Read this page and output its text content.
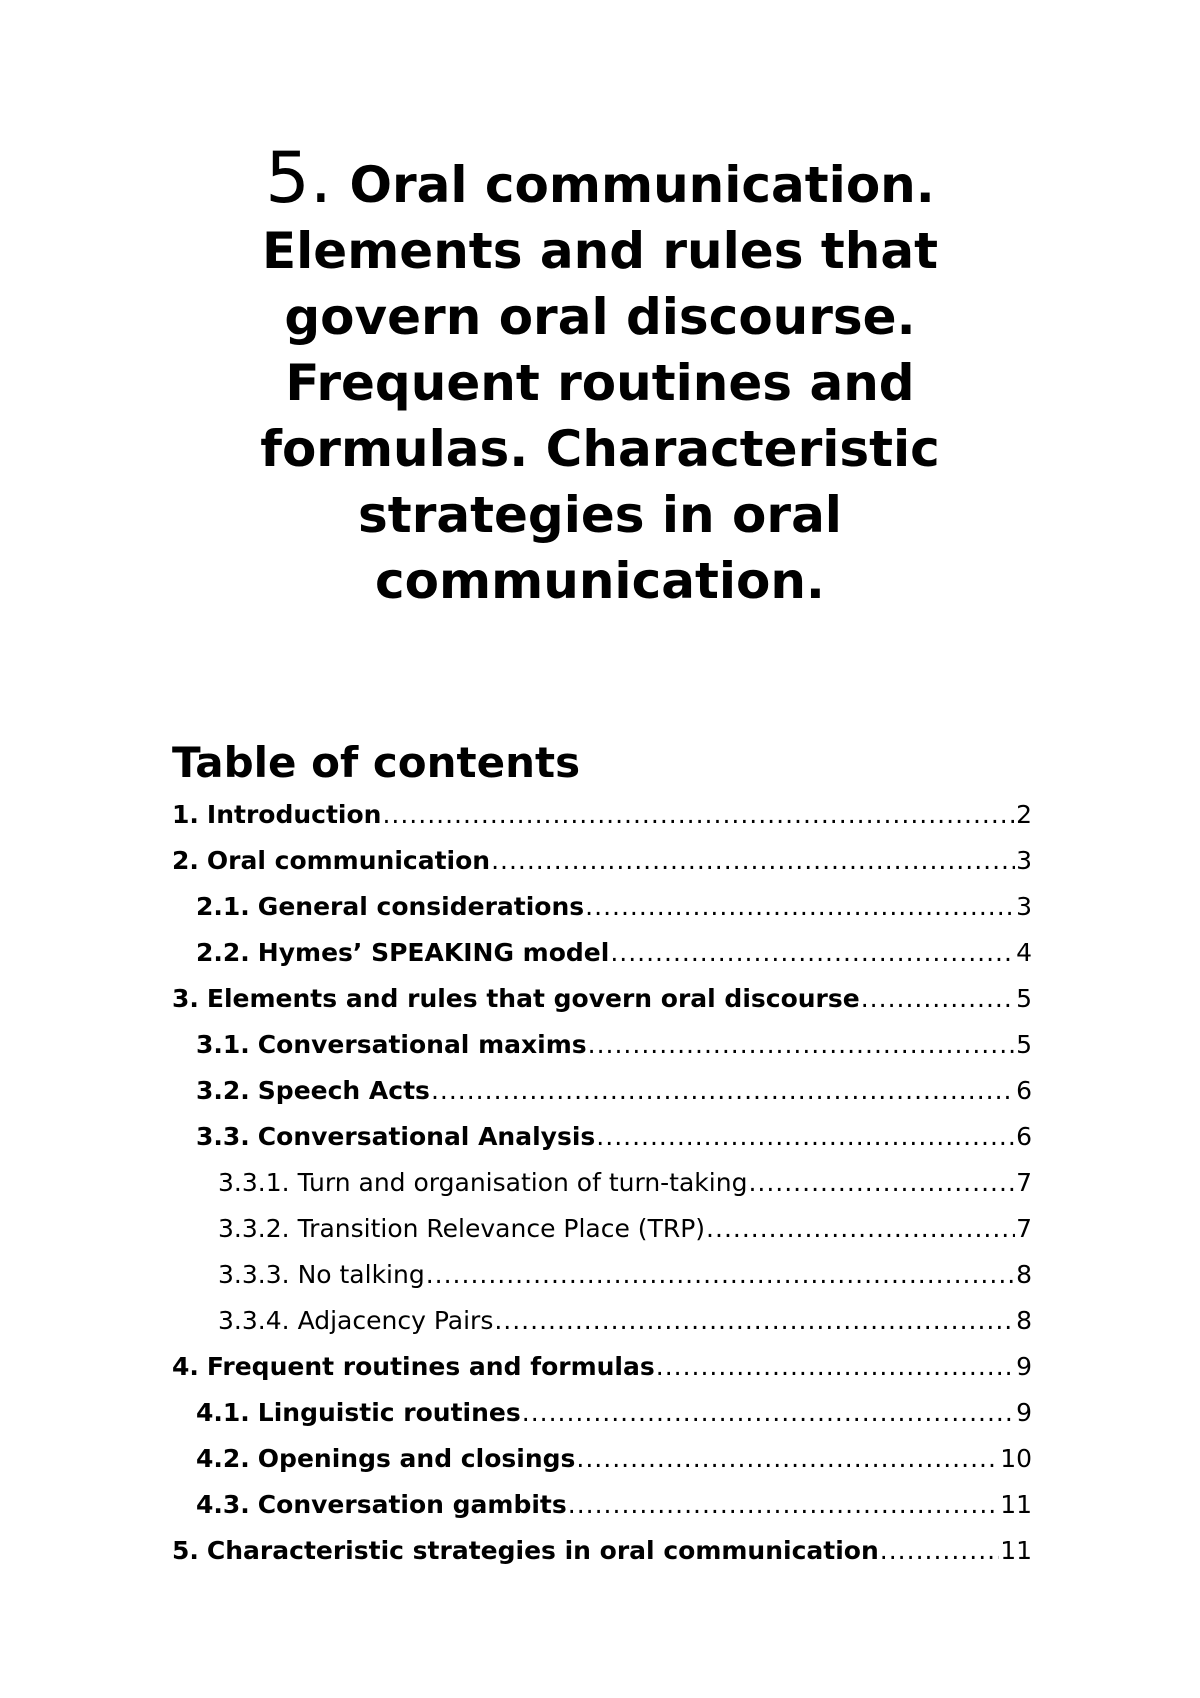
5. Oral communication.
Elements and rules that
govern oral discourse.
Frequent routines and
formulas. Characteristic
strategies in oral
communication.
Table of contents
1. Introduction .....	2
2. Oral communication .....	3
2.1. General considerations .....	3
2.2. Hymes’ SPEAKING model .....	4
3. Elements and rules that govern oral discourse .....	5
3.1. Conversational maxims .....	5
3.2. Speech Acts .....	6
3.3. Conversational Analysis .....	6
3.3.1. Turn and organisation of turn-taking .....	7
3.3.2. Transition Relevance Place (TRP) .....	7
3.3.3. No talking .....	8
3.3.4. Adjacency Pairs .....	8
4. Frequent routines and formulas .....	9
4.1. Linguistic routines .....	9
4.2. Openings and closings .....	10
4.3. Conversation gambits .....	11
5. Characteristic strategies in oral communication .....	11
